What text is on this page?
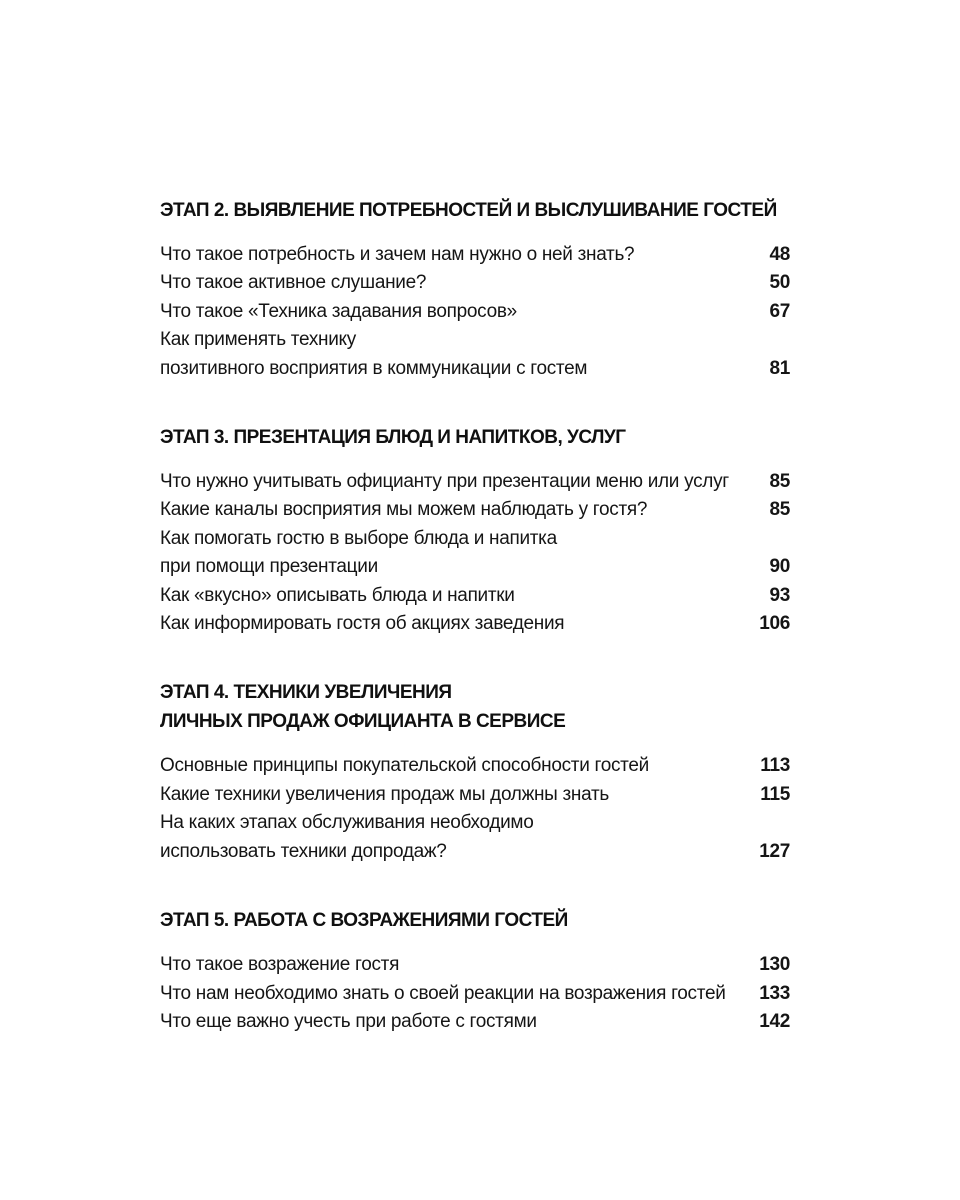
ЭТАП 2. ВЫЯВЛЕНИЕ ПОТРЕБНОСТЕЙ И ВЫСЛУШИВАНИЕ ГОСТЕЙ
Что такое потребность и зачем нам нужно о ней знать?	48
Что такое активное слушание?	50
Что такое «Техника задавания вопросов»	67
Как применять технику
позитивного восприятия в коммуникации с гостем	81
ЭТАП 3. ПРЕЗЕНТАЦИЯ БЛЮД И НАПИТКОВ, УСЛУГ
Что нужно учитывать официанту при презентации меню или услуг	85
Какие каналы восприятия мы можем наблюдать у гостя?	85
Как помогать гостю в выборе блюда и напитка
при помощи презентации	90
Как «вкусно» описывать блюда и напитки	93
Как информировать гостя об акциях заведения	106
ЭТАП 4. ТЕХНИКИ УВЕЛИЧЕНИЯ
ЛИЧНЫХ ПРОДАЖ ОФИЦИАНТА В СЕРВИСЕ
Основные принципы покупательской способности гостей	113
Какие техники увеличения продаж мы должны знать	115
На каких этапах обслуживания необходимо
использовать техники допродаж?	127
ЭТАП 5. РАБОТА С ВОЗРАЖЕНИЯМИ ГОСТЕЙ
Что такое возражение гостя	130
Что нам необходимо знать о своей реакции на возражения гостей	133
Что еще важно учесть при работе с гостями	142
